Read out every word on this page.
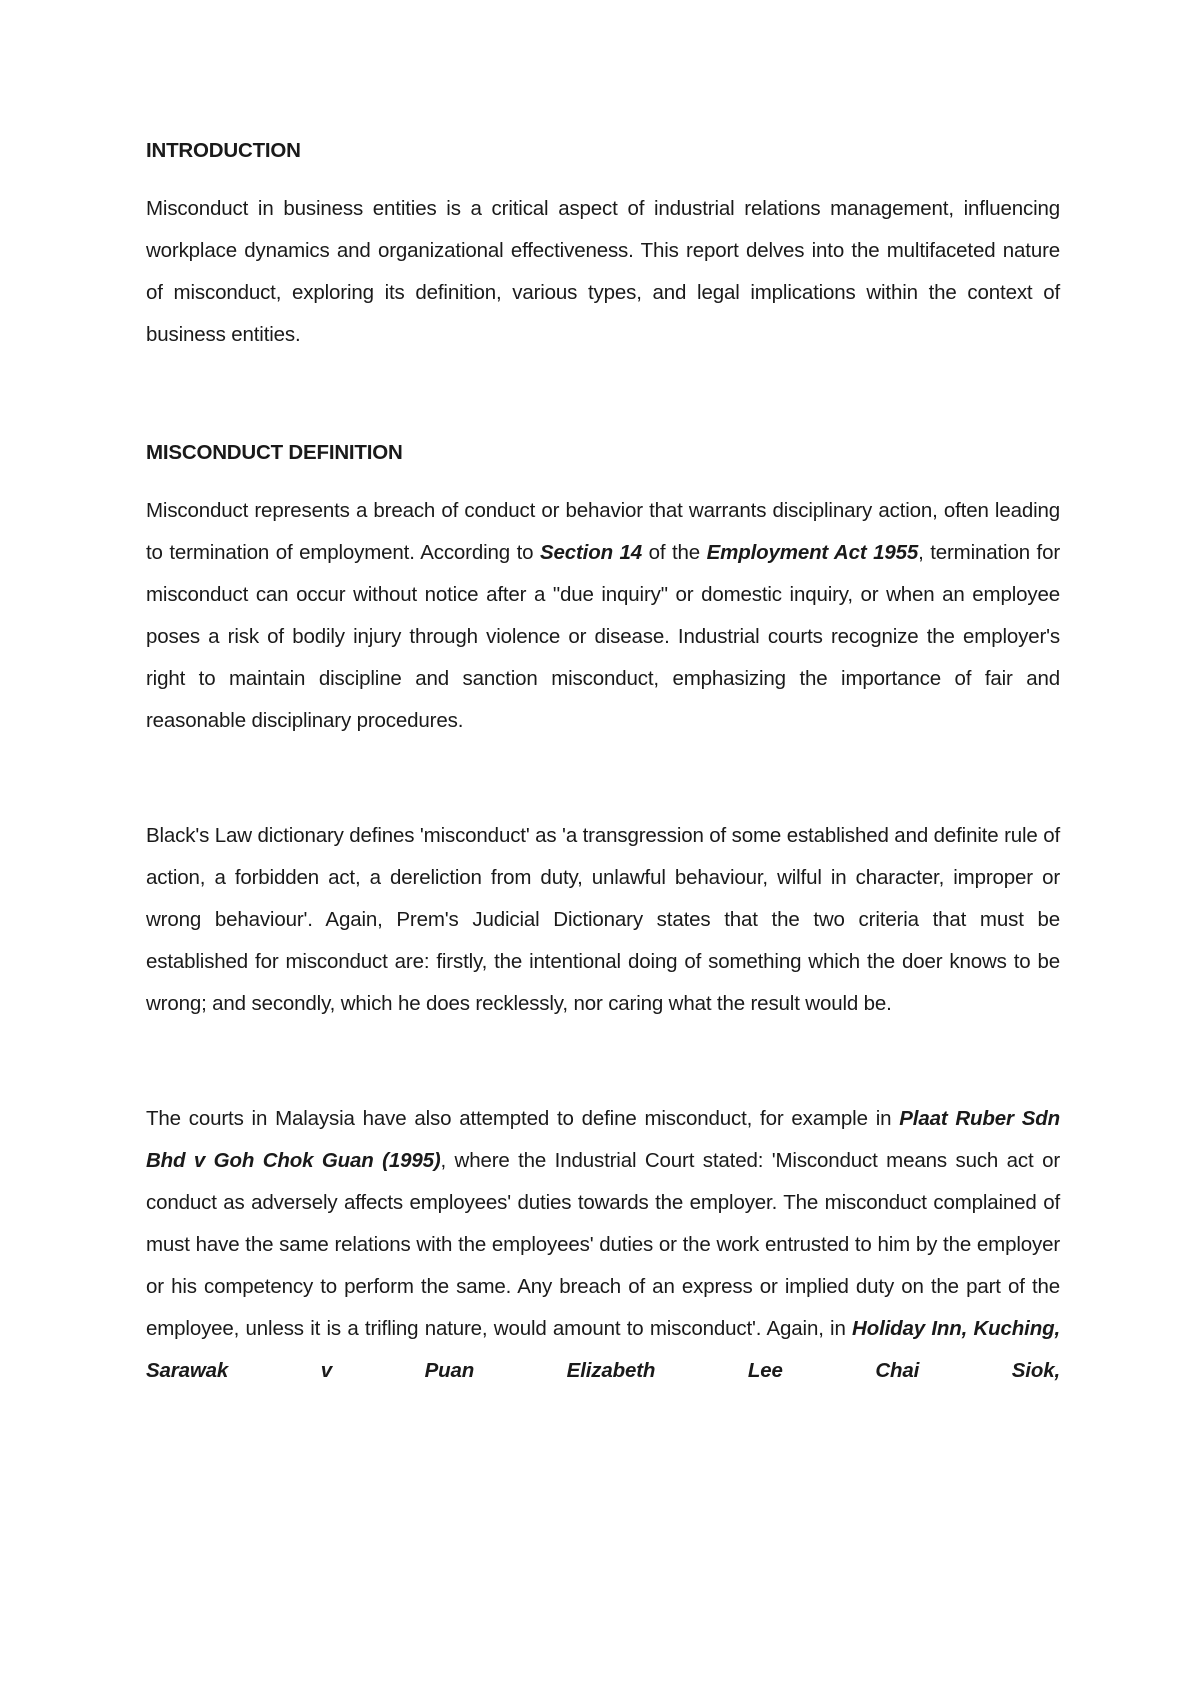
INTRODUCTION

Misconduct in business entities is a critical aspect of industrial relations management, influencing workplace dynamics and organizational effectiveness. This report delves into the multifaceted nature of misconduct, exploring its definition, various types, and legal implications within the context of business entities.

MISCONDUCT DEFINITION

Misconduct represents a breach of conduct or behavior that warrants disciplinary action, often leading to termination of employment. According to Section 14 of the Employment Act 1955, termination for misconduct can occur without notice after a "due inquiry" or domestic inquiry, or when an employee poses a risk of bodily injury through violence or disease. Industrial courts recognize the employer's right to maintain discipline and sanction misconduct, emphasizing the importance of fair and reasonable disciplinary procedures.

Black's Law dictionary defines 'misconduct' as 'a transgression of some established and definite rule of action, a forbidden act, a dereliction from duty, unlawful behaviour, wilful in character, improper or wrong behaviour'. Again, Prem's Judicial Dictionary states that the two criteria that must be established for misconduct are: firstly, the intentional doing of something which the doer knows to be wrong; and secondly, which he does recklessly, nor caring what the result would be.

The courts in Malaysia have also attempted to define misconduct, for example in Plaat Ruber Sdn Bhd v Goh Chok Guan (1995), where the Industrial Court stated: 'Misconduct means such act or conduct as adversely affects employees' duties towards the employer. The misconduct complained of must have the same relations with the employees' duties or the work entrusted to him by the employer or his competency to perform the same. Any breach of an express or implied duty on the part of the employee, unless it is a trifling nature, would amount to misconduct'. Again, in Holiday Inn, Kuching, Sarawak v Puan Elizabeth Lee Chai Siok,
